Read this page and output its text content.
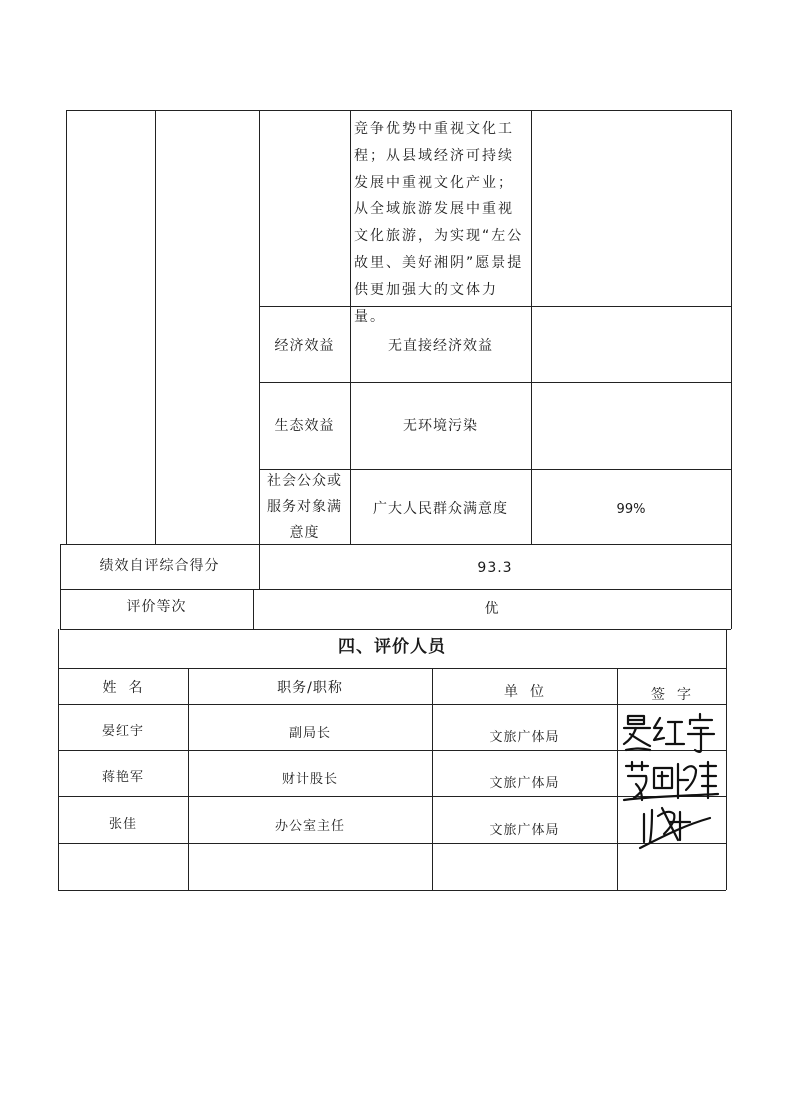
竞争优势中重视文化工程；从县域经济可持续发展中重视文化产业；从全域旅游发展中重视文化旅游，为实现“左公故里、美好湘阴”愿景提供更加强大的文体力量。
经济效益	无直接经济效益
生态效益	无环境污染
社会公众或
服务对象满
意度
广大人民群众满意度	99%
绩效自评综合得分	93.3
评价等次	优
四、评价人员
姓  名	职务/职称	单  位	签  字
晏红宇	副局长	文旅广体局
蒋艳军	财计股长	文旅广体局
张佳	办公室主任	文旅广体局
